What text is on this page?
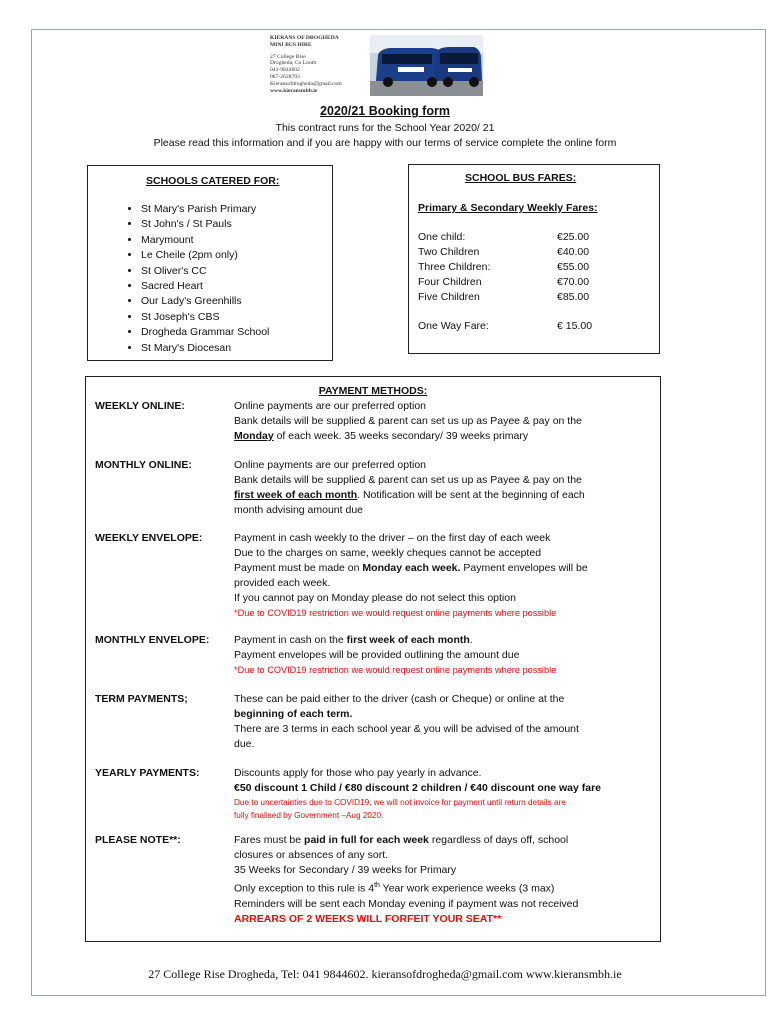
KIERANS OF DROGHEDA
MINI BUS HIRE
27 College Rise
Drogheda, Co Louth
041-9844602
087-2628793
Kieransofdrogheda@gmail.com
www.kieransmbh.ie
2020/21 Booking form
This contract runs for the School Year 2020/ 21
Please read this information and if you are happy with our terms of service complete the online form
SCHOOLS CATERED FOR:
• St Mary's Parish Primary
• St John's / St Pauls
• Marymount
• Le Cheile (2pm only)
• St Oliver's CC
• Sacred Heart
• Our Lady's Greenhills
• St Joseph's CBS
• Drogheda Grammar School
• St Mary's Diocesan
SCHOOL BUS FARES:
Primary & Secondary Weekly Fares:
One child:	€25.00
Two Children	€40.00
Three Children:	€55.00
Four Children	€70.00
Five Children	€85.00
One Way Fare:	€ 15.00
PAYMENT METHODS:
WEEKLY ONLINE:	Online payments are our preferred option
Bank details will be supplied & parent can set us up as Payee & pay on the
Monday of each week. 35 weeks secondary/ 39 weeks primary
MONTHLY ONLINE:	Online payments are our preferred option
Bank details will be supplied & parent can set us up as Payee & pay on the
first week of each month. Notification will be sent at the beginning of each
month advising amount due
WEEKLY ENVELOPE:	Payment in cash weekly to the driver – on the first day of each week
Due to the charges on same, weekly cheques cannot be accepted
Payment must be made on Monday each week. Payment envelopes will be
provided each week.
If you cannot pay on Monday please do not select this option
*Due to COVID19 restriction we would request online payments where possible
MONTHLY ENVELOPE: Payment in cash on the first week of each month.
Payment envelopes will be provided outlining the amount due
*Due to COVID19 restriction we would request online payments where possible
TERM PAYMENTS;	These can be paid either to the driver (cash or Cheque) or online at the
beginning of each term.
There are 3 terms in each school year & you will be advised of the amount
due.
YEARLY PAYMENTS:	Discounts apply for those who pay yearly in advance.
€50 discount 1 Child / €80 discount 2 children / €40 discount one way fare
Due to uncertainties due to COVID19, we will not invoice for payment until return details are
fully finalised by Government –Aug 2020.
PLEASE NOTE**:	Fares must be paid in full for each week regardless of days off, school
closures or absences of any sort.
35 Weeks for Secondary / 39 weeks for Primary
Only exception to this rule is 4th Year work experience weeks (3 max)
Reminders will be sent each Monday evening if payment was not received
ARREARS OF 2 WEEKS WILL FORFEIT YOUR SEAT**
27 College Rise Drogheda, Tel: 041 9844602. kieransofdrogheda@gmail.com www.kieransmbh.ie
